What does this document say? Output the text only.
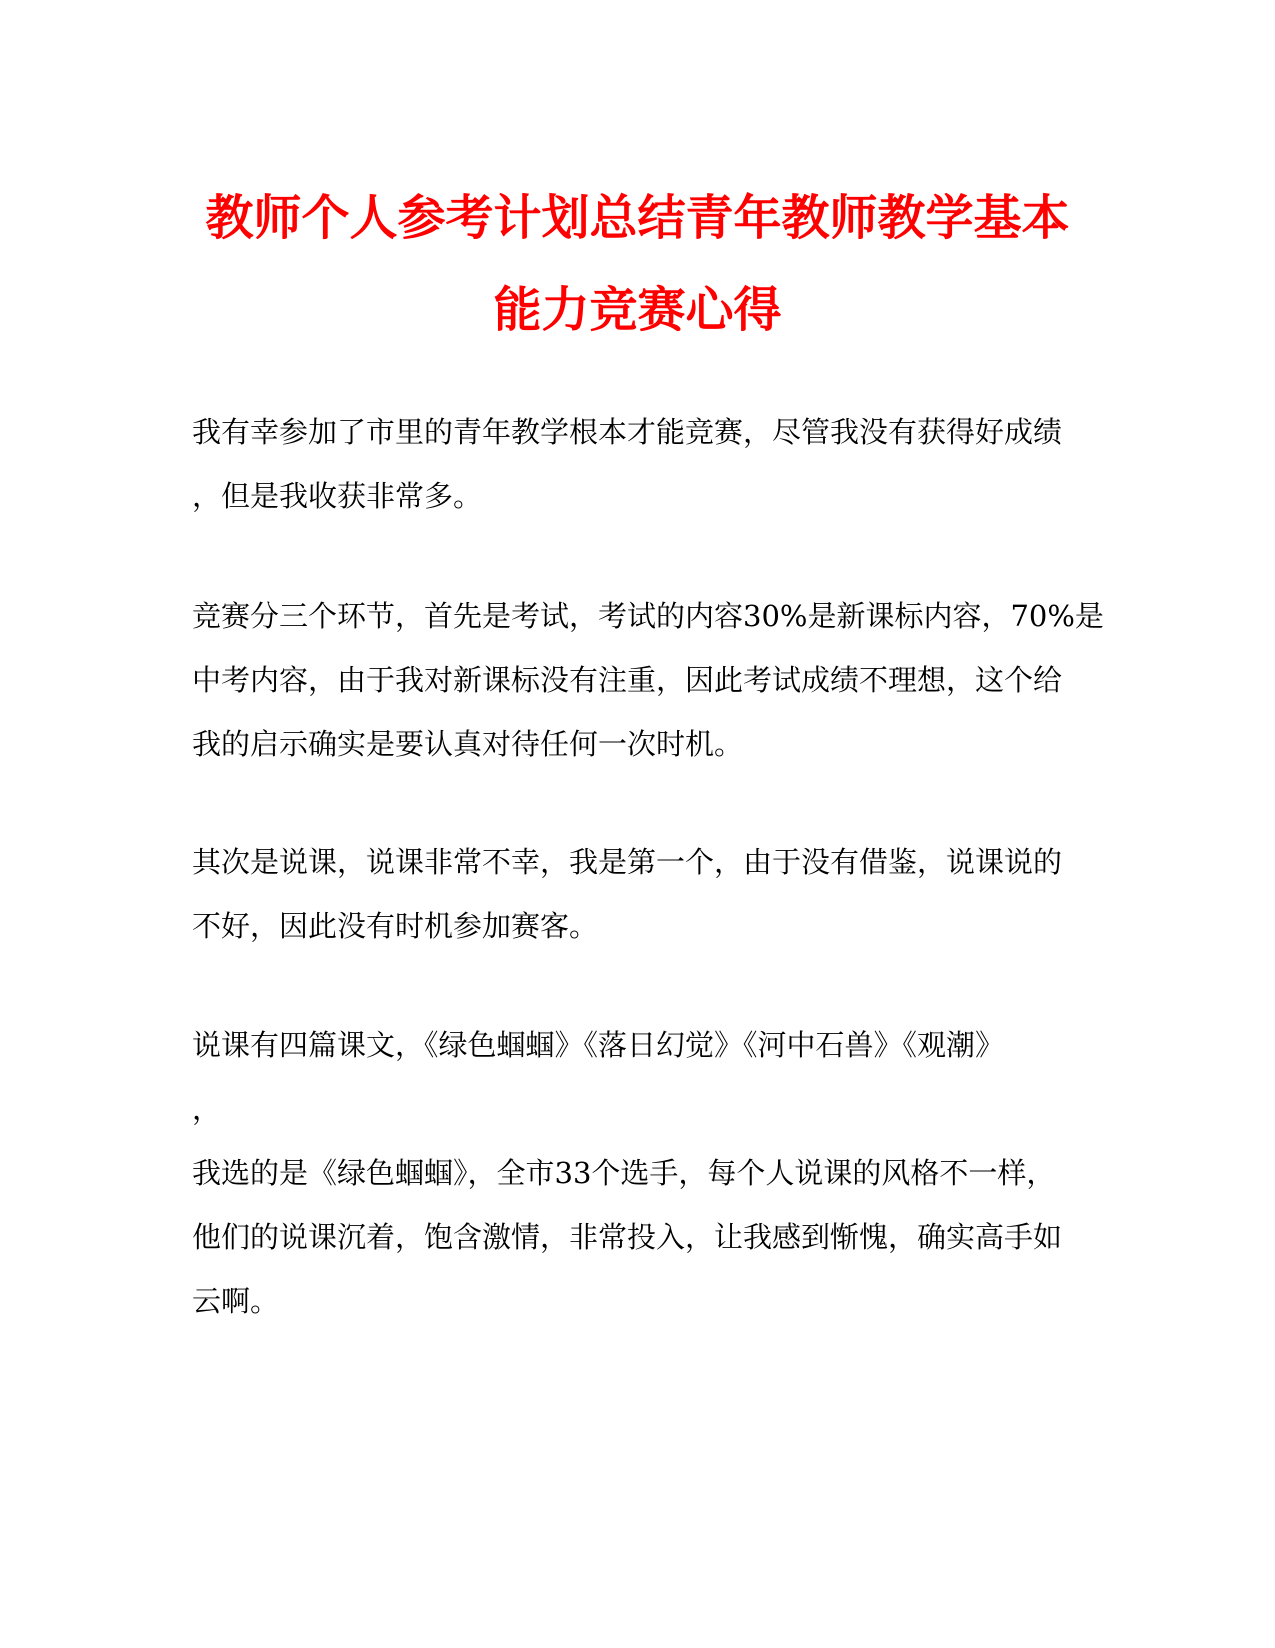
教师个人参考计划总结青年教师教学基本
能力竞赛心得

我有幸参加了市里的青年教学根本才能竞赛，尽管我没有获得好成绩
，但是我收获非常多。

竞赛分三个环节，首先是考试，考试的内容30%是新课标内容，70%是
中考内容，由于我对新课标没有注重，因此考试成绩不理想，这个给
我的启示确实是要认真对待任何一次时机。

其次是说课，说课非常不幸，我是第一个，由于没有借鉴，说课说的
不好，因此没有时机参加赛客。

说课有四篇课文，《绿色蝈蝈》《落日幻觉》《河中石兽》《观潮》
，
我选的是《绿色蝈蝈》，全市33个选手，每个人说课的风格不一样，
他们的说课沉着，饱含激情，非常投入，让我感到惭愧，确实高手如
云啊。
